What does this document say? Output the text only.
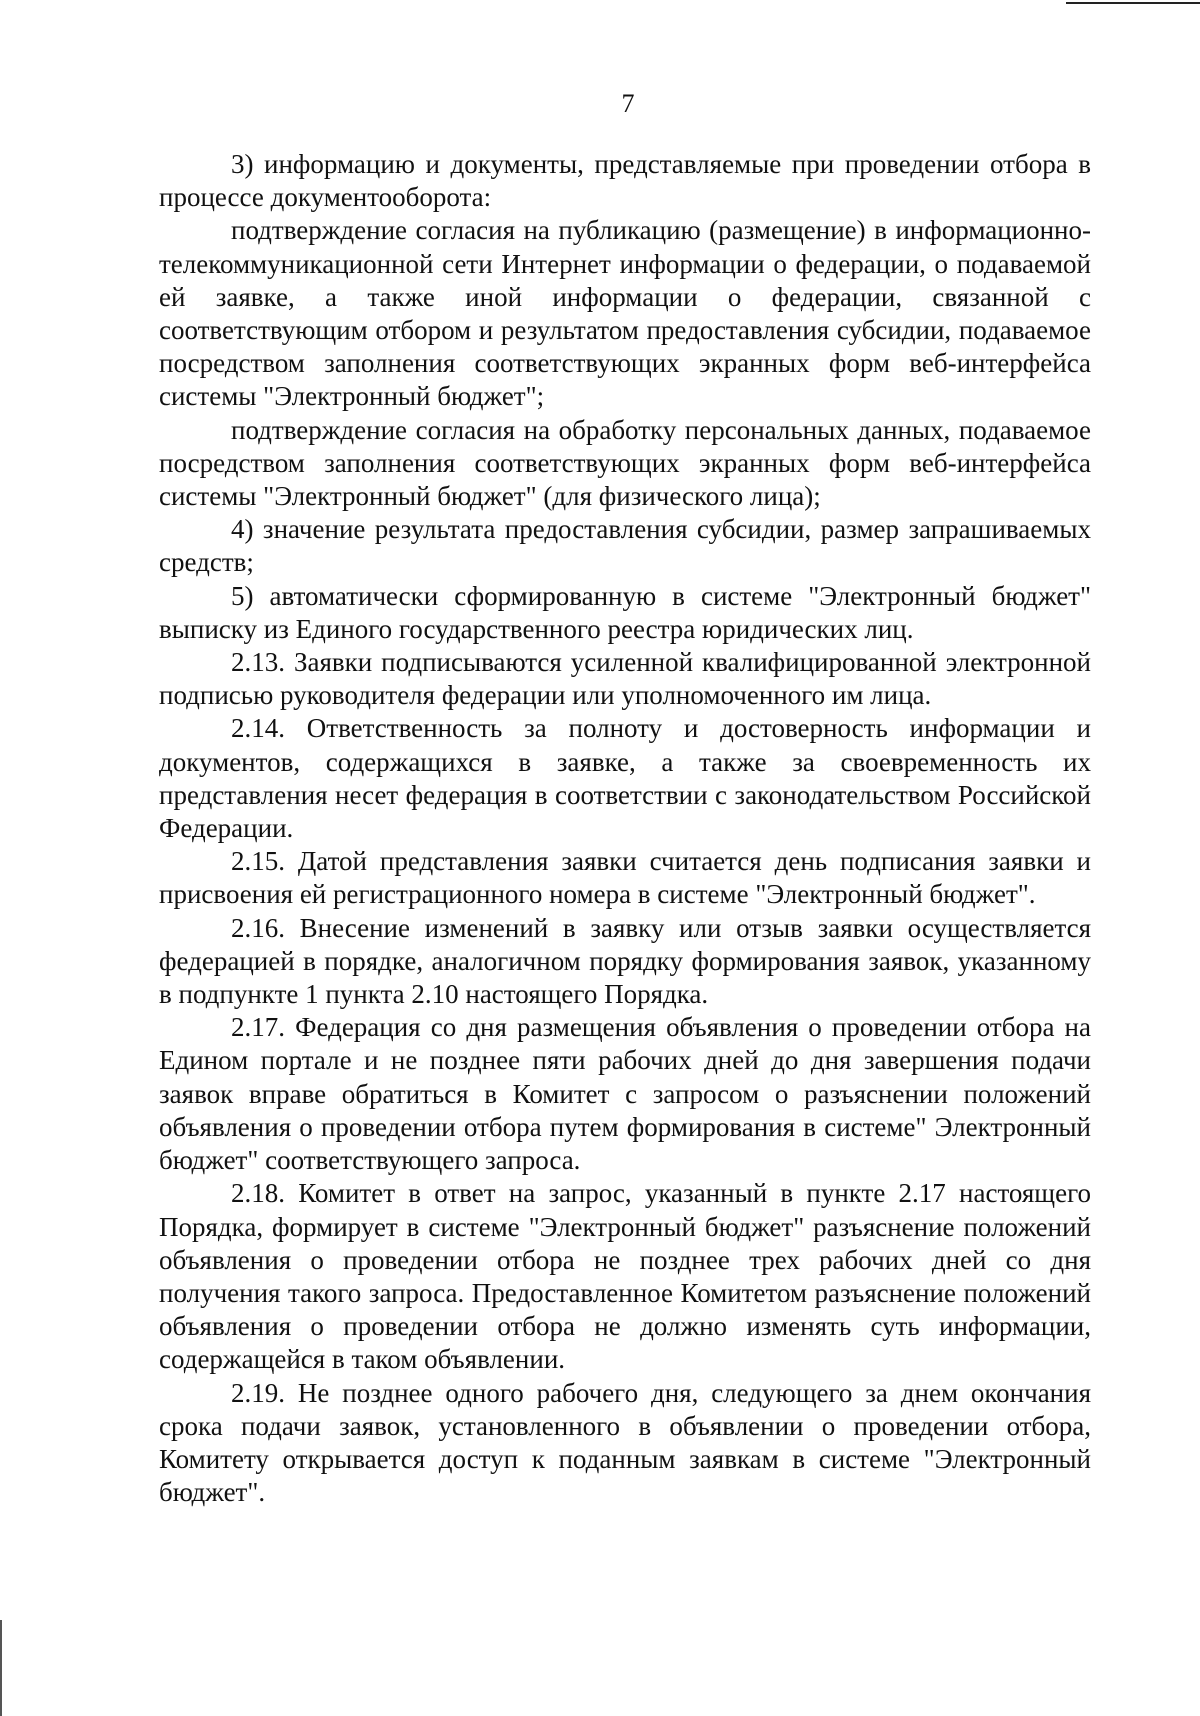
7

3) информацию и документы, представляемые при проведении отбора в процессе документооборота:

подтверждение согласия на публикацию (размещение) в информационно-телекоммуникационной сети Интернет информации о федерации, о подаваемой ей заявке, а также иной информации о федерации, связанной с соответствующим отбором и результатом предоставления субсидии, подаваемое посредством заполнения соответствующих экранных форм веб-интерфейса системы "Электронный бюджет";

подтверждение согласия на обработку персональных данных, подаваемое посредством заполнения соответствующих экранных форм веб-интерфейса системы "Электронный бюджет" (для физического лица);

4) значение результата предоставления субсидии, размер запрашиваемых средств;

5) автоматически сформированную в системе "Электронный бюджет" выписку из Единого государственного реестра юридических лиц.

2.13. Заявки подписываются усиленной квалифицированной электронной подписью руководителя федерации или уполномоченного им лица.

2.14. Ответственность за полноту и достоверность информации и документов, содержащихся в заявке, а также за своевременность их представления несет федерация в соответствии с законодательством Российской Федерации.

2.15. Датой представления заявки считается день подписания заявки и присвоения ей регистрационного номера в системе "Электронный бюджет".

2.16. Внесение изменений в заявку или отзыв заявки осуществляется федерацией в порядке, аналогичном порядку формирования заявок, указанному в подпункте 1 пункта 2.10 настоящего Порядка.

2.17. Федерация со дня размещения объявления о проведении отбора на Едином портале и не позднее пяти рабочих дней до дня завершения подачи заявок вправе обратиться в Комитет с запросом о разъяснении положений объявления о проведении отбора путем формирования в системе" Электронный бюджет" соответствующего запроса.

2.18. Комитет в ответ на запрос, указанный в пункте 2.17 настоящего Порядка, формирует в системе "Электронный бюджет" разъяснение положений объявления о проведении отбора не позднее трех рабочих дней со дня получения такого запроса. Предоставленное Комитетом разъяснение положений объявления о проведении отбора не должно изменять суть информации, содержащейся в таком объявлении.

2.19. Не позднее одного рабочего дня, следующего за днем окончания срока подачи заявок, установленного в объявлении о проведении отбора, Комитету открывается доступ к поданным заявкам в системе "Электронный бюджет".
